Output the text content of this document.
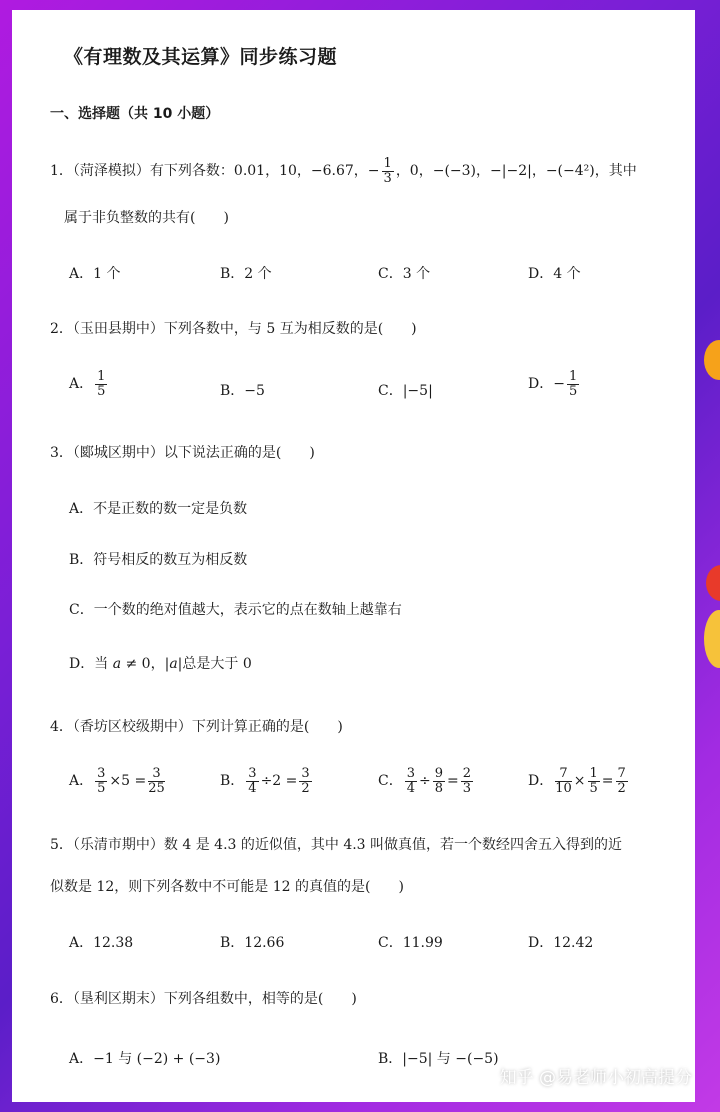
《有理数及其运算》同步练习题
一、选择题（共 10 小题）
1．（菏泽模拟）有下列各数：0.01，10，−6.67，− $\frac{1}{3}$ ，0，−(−3)，−|−2|，−(−4²)，其中
属于非负整数的共有(　　)
A．1 个	B．2 个	C．3 个	D．4 个
2．（玉田县期中）下列各数中，与 5 互为相反数的是(　　)
A． $\frac{1}{5}$	B．−5	C．|−5|	D．− $\frac{1}{5}$
3．（郾城区期中）以下说法正确的是(　　)
A．不是正数的数一定是负数
B．符号相反的数互为相反数
C．一个数的绝对值越大，表示它的点在数轴上越靠右
D．当 a ≠ 0，|a|总是大于 0
4．（香坊区校级期中）下列计算正确的是(　　)
A． $\frac{3}{5} \times 5 = \frac{3}{25}$	B． $\frac{3}{4} \div 2 = \frac{3}{2}$	C． $\frac{3}{4} \div \frac{9}{8} = \frac{2}{3}$	D． $\frac{7}{10} \times \frac{1}{5} = \frac{7}{2}$
5．（乐清市期中）数 4 是 4.3 的近似值，其中 4.3 叫做真值，若一个数经四舍五入得到的近
似数是 12，则下列各数中不可能是 12 的真值的是(　　)
A．12.38	B．12.66	C．11.99	D．12.42
6．（垦利区期末）下列各组数中，相等的是(　　)
A．−1 与 (−2) + (−3)	B．|−5| 与 −(−5)
知乎 @易老师小初高提分
